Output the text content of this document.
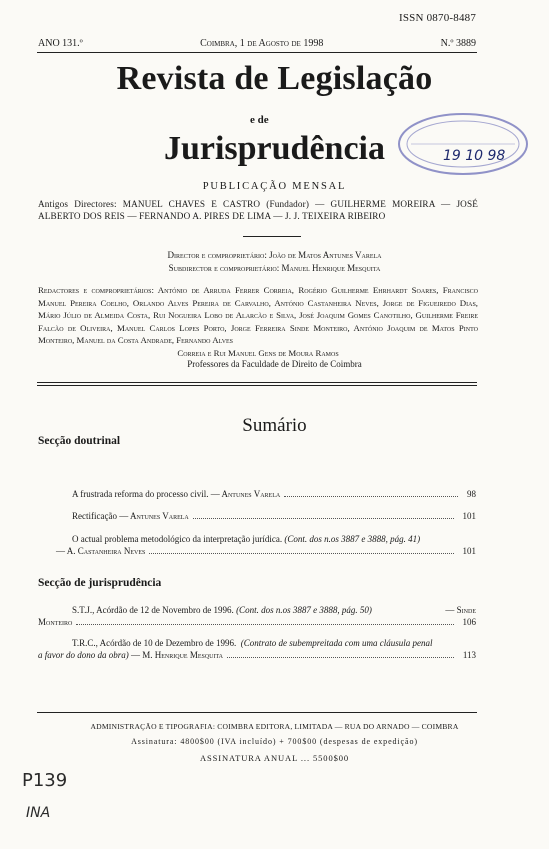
ISSN 0870-8487
ANO 131.º	Coimbra, 1 de Agosto de 1998	N.º 3889
Revista de Legislação
e de
Jurisprudência
PUBLICAÇÃO MENSAL
Antigos Directores: MANUEL CHAVES E CASTRO (Fundador) — GUILHERME MOREIRA — JOSÉ ALBERTO DOS REIS — FERNANDO A. PIRES DE LIMA — J. J. TEIXEIRA RIBEIRO
Director e comproprietário: João de Matos Antunes Varela
Subdirector e comproprietário: Manuel Henrique Mesquita
Redactores e comproprietários: António de Arruda Ferrer Correia, Rogério Guilherme Ehrhardt Soares, Francisco Manuel Pereira Coelho, Orlando Alves Pereira de Carvalho, António Castanheira Neves, Jorge de Figueiredo Dias, Mário Júlio de Almeida Costa, Rui Nogueira Lobo de Alarcão e Silva, José Joaquim Gomes Canotilho, Guilherme Freire Falcão de Oliveira, Manuel Carlos Lopes Porto, Jorge Ferreira Sinde Monteiro, António Joaquim de Matos Pinto Monteiro, Manuel da Costa Andrade, Fernando Alves
Correia e Rui Manuel Gens de Moura Ramos
Professores da Faculdade de Direito de Coimbra
Sumário
Secção doutrinal
A frustrada reforma do processo civil.
— Antunes Varela	98
Rectificação
— Antunes Varela	101
O actual problema metodológico da interpretação jurídica. (Cont. dos n.os 3887 e 3888, pág. 41)
— A. Castanheira Neves	101
Secção de jurisprudência
S.T.J., Acórdão de 12 de Novembro de 1996.
(Cont. dos n.os 3887 e 3888, pág. 50)
	— Sinde
Monteiro	106
T.R.C., Acórdão de 10 de Dezembro de 1996. (Contrato de subempreitada com uma cláusula penal
a favor do dono da obra)
— M. Henrique Mesquita	113
ADMINISTRAÇÃO E TIPOGRAFIA: COIMBRA EDITORA, LIMITADA — RUA DO ARNADO — COIMBRA
Assinatura: 4800$00 (IVA incluído) + 700$00 (despesas de expedição)
ASSINATURA ANUAL ... 5500$00
19 10 98
P139
INA
